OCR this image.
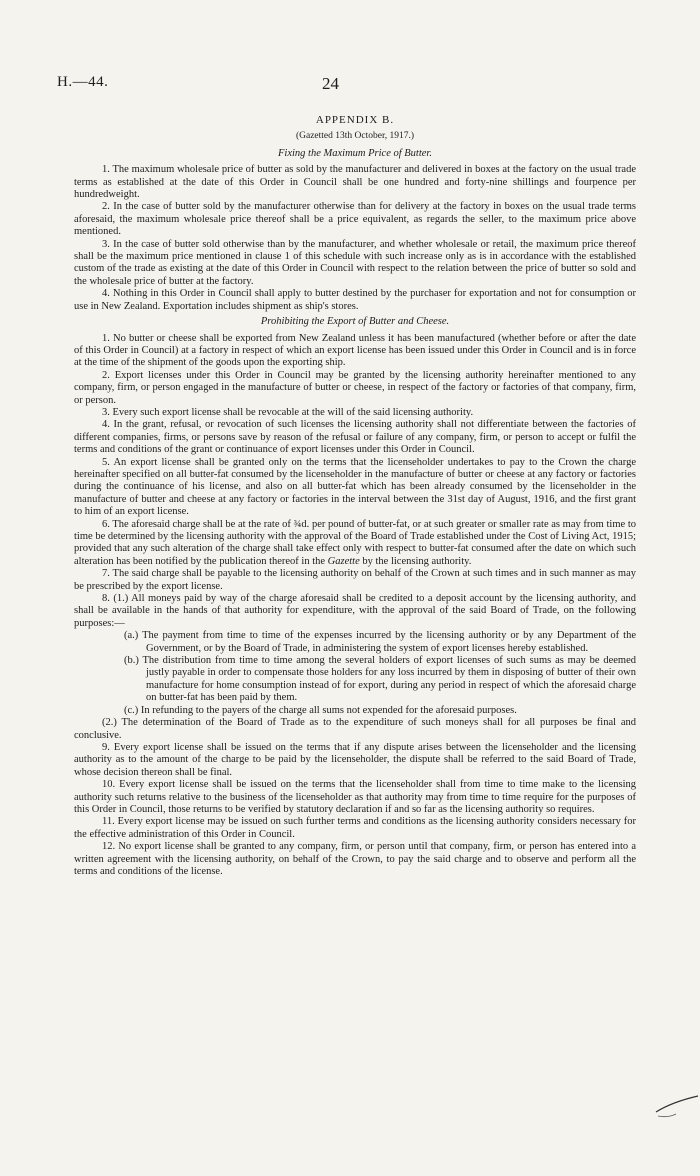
H.—44.	24

APPENDIX B.

(Gazetted 13th October, 1917.)

Fixing the Maximum Price of Butter.

1. The maximum wholesale price of butter as sold by the manufacturer and delivered in boxes at the factory on the usual trade terms as established at the date of this Order in Council shall be one hundred and forty-nine shillings and fourpence per hundredweight.

2. In the case of butter sold by the manufacturer otherwise than for delivery at the factory in boxes on the usual trade terms aforesaid, the maximum wholesale price thereof shall be a price equivalent, as regards the seller, to the maximum price above mentioned.

3. In the case of butter sold otherwise than by the manufacturer, and whether wholesale or retail, the maximum price thereof shall be the maximum price mentioned in clause 1 of this schedule with such increase only as is in accordance with the established custom of the trade as existing at the date of this Order in Council with respect to the relation between the price of butter so sold and the wholesale price of butter at the factory.

4. Nothing in this Order in Council shall apply to butter destined by the purchaser for exportation and not for consumption or use in New Zealand. Exportation includes shipment as ship's stores.

Prohibiting the Export of Butter and Cheese.

1. No butter or cheese shall be exported from New Zealand unless it has been manufactured (whether before or after the date of this Order in Council) at a factory in respect of which an export license has been issued under this Order in Council and is in force at the time of the shipment of the goods upon the exporting ship.

2. Export licenses under this Order in Council may be granted by the licensing authority hereinafter mentioned to any company, firm, or person engaged in the manufacture of butter or cheese, in respect of the factory or factories of that company, firm, or person.

3. Every such export license shall be revocable at the will of the said licensing authority.

4. In the grant, refusal, or revocation of such licenses the licensing authority shall not differentiate between the factories of different companies, firms, or persons save by reason of the refusal or failure of any company, firm, or person to accept or fulfil the terms and conditions of the grant or continuance of export licenses under this Order in Council.

5. An export license shall be granted only on the terms that the licenseholder undertakes to pay to the Crown the charge hereinafter specified on all butter-fat consumed by the licenseholder in the manufacture of butter or cheese at any factory or factories during the continuance of his license, and also on all butter-fat which has been already consumed by the licenseholder in the manufacture of butter and cheese at any factory or factories in the interval between the 31st day of August, 1916, and the first grant to him of an export license.

6. The aforesaid charge shall be at the rate of ¾d. per pound of butter-fat, or at such greater or smaller rate as may from time to time be determined by the licensing authority with the approval of the Board of Trade established under the Cost of Living Act, 1915; provided that any such alteration of the charge shall take effect only with respect to butter-fat consumed after the date on which such alteration has been notified by the publication thereof in the Gazette by the licensing authority.

7. The said charge shall be payable to the licensing authority on behalf of the Crown at such times and in such manner as may be prescribed by the export license.

8. (1.) All moneys paid by way of the charge aforesaid shall be credited to a deposit account by the licensing authority, and shall be available in the hands of that authority for expenditure, with the approval of the said Board of Trade, on the following purposes:—

(a.) The payment from time to time of the expenses incurred by the licensing authority or by any Department of the Government, or by the Board of Trade, in administering the system of export licenses hereby established.

(b.) The distribution from time to time among the several holders of export licenses of such sums as may be deemed justly payable in order to compensate those holders for any loss incurred by them in disposing of butter of their own manufacture for home consumption instead of for export, during any period in respect of which the aforesaid charge on butter-fat has been paid by them.

(c.) In refunding to the payers of the charge all sums not expended for the aforesaid purposes.

(2.) The determination of the Board of Trade as to the expenditure of such moneys shall for all purposes be final and conclusive.

9. Every export license shall be issued on the terms that if any dispute arises between the licenseholder and the licensing authority as to the amount of the charge to be paid by the licenseholder, the dispute shall be referred to the said Board of Trade, whose decision thereon shall be final.

10. Every export license shall be issued on the terms that the licenseholder shall from time to time make to the licensing authority such returns relative to the business of the licenseholder as that authority may from time to time require for the purposes of this Order in Council, those returns to be verified by statutory declaration if and so far as the licensing authority so requires.

11. Every export license may be issued on such further terms and conditions as the licensing authority considers necessary for the effective administration of this Order in Council.

12. No export license shall be granted to any company, firm, or person until that company, firm, or person has entered into a written agreement with the licensing authority, on behalf of the Crown, to pay the said charge and to observe and perform all the terms and conditions of the license.
